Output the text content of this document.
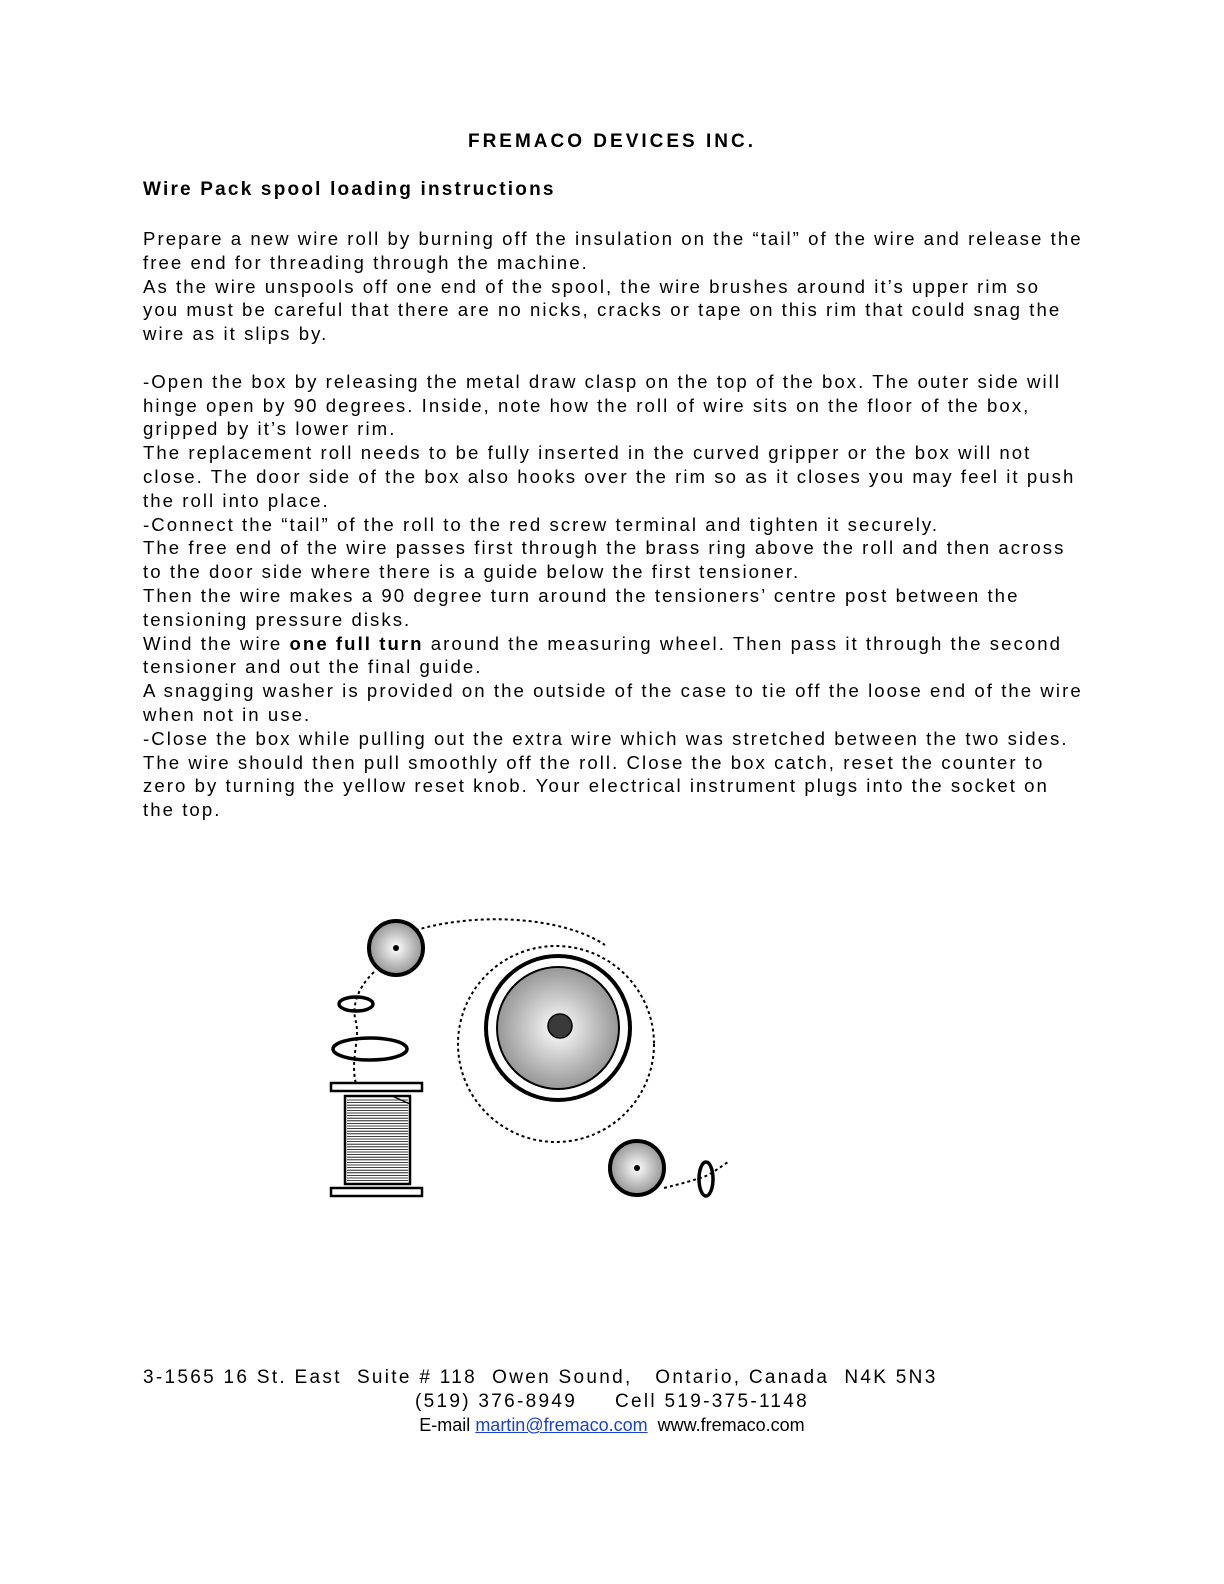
FREMACO DEVICES INC.
Wire Pack spool loading instructions

Prepare a new wire roll by burning off the insulation on the “tail” of the wire and release the free end for threading through the machine.

As the wire unspools off one end of the spool, the wire brushes around it’s upper rim so you must be careful that there are no nicks, cracks or tape on this rim that could snag the wire as it slips by.

-Open the box by releasing the metal draw clasp on the top of the box. The outer side will hinge open by 90 degrees. Inside, note how the roll of wire sits on the floor of the box, gripped by it’s lower rim.

The replacement roll needs to be fully inserted in the curved gripper or the box will not close. The door side of the box also hooks over the rim so as it closes you may feel it push the roll into place.

-Connect the “tail” of the roll to the red screw terminal and tighten it securely.

The free end of the wire passes first through the brass ring above the roll and then across to the door side where there is a guide below the first tensioner.

Then the wire makes a 90 degree turn around the tensioners’ centre post between the tensioning pressure disks.

Wind the wire one full turn around the measuring wheel. Then pass it through the second tensioner and out the final guide.

A snagging washer is provided on the outside of the case to tie off the loose end of the wire when not in use.

-Close the box while pulling out the extra wire which was stretched between the two sides. The wire should then pull smoothly off the roll. Close the box catch, reset the counter to zero by turning the yellow reset knob. Your electrical instrument plugs into the socket on the top.

3-1565 16 St. East  Suite # 118  Owen Sound,   Ontario, Canada  N4K 5N3
(519) 376-8949     Cell 519-375-1148
E-mail martin@fremaco.com www.fremaco.com
